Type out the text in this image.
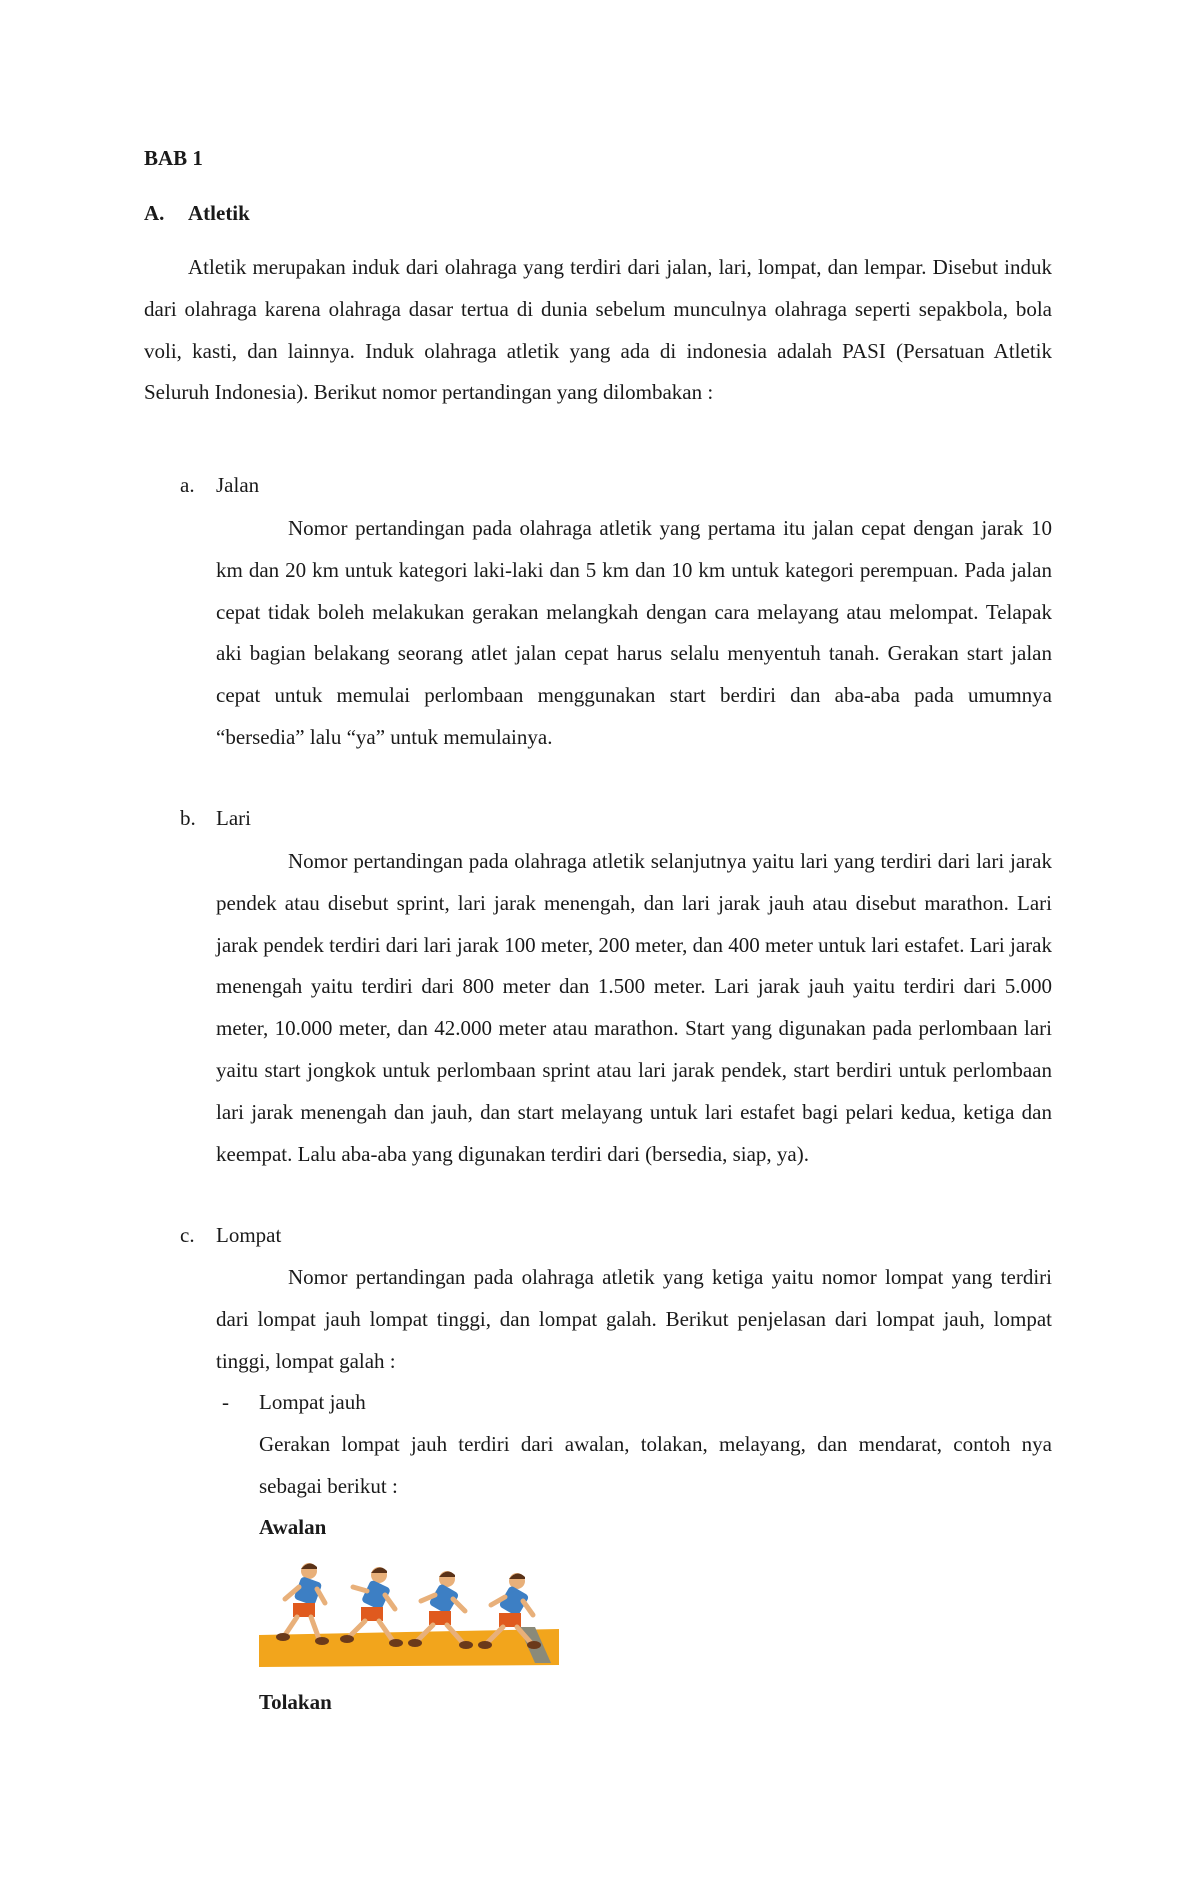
BAB 1
A. Atletik
Atletik merupakan induk dari olahraga yang terdiri dari jalan, lari, lompat, dan lempar. Disebut induk dari olahraga karena olahraga dasar tertua di dunia sebelum munculnya olahraga seperti sepakbola, bola voli, kasti, dan lainnya. Induk olahraga atletik yang ada di indonesia adalah PASI (Persatuan Atletik Seluruh Indonesia). Berikut nomor pertandingan yang dilombakan :
a. Jalan
Nomor pertandingan pada olahraga atletik yang pertama itu jalan cepat dengan jarak 10 km dan 20 km untuk kategori laki-laki dan 5 km dan 10 km untuk kategori perempuan. Pada jalan cepat tidak boleh melakukan gerakan melangkah dengan cara melayang atau melompat. Telapak aki bagian belakang seorang atlet jalan cepat harus selalu menyentuh tanah. Gerakan start jalan cepat untuk memulai perlombaan menggunakan start berdiri dan aba-aba pada umumnya “bersedia” lalu “ya” untuk memulainya.
b. Lari
Nomor pertandingan pada olahraga atletik selanjutnya yaitu lari yang terdiri dari lari jarak pendek atau disebut sprint, lari jarak menengah, dan lari jarak jauh atau disebut marathon. Lari jarak pendek terdiri dari lari jarak 100 meter, 200 meter, dan 400 meter untuk lari estafet. Lari jarak menengah yaitu terdiri dari 800 meter dan 1.500 meter. Lari jarak jauh yaitu terdiri dari 5.000 meter, 10.000 meter, dan 42.000 meter atau marathon. Start yang digunakan pada perlombaan lari yaitu start jongkok untuk perlombaan sprint atau lari jarak pendek, start berdiri untuk perlombaan lari jarak menengah dan jauh, dan start melayang untuk lari estafet bagi pelari kedua, ketiga dan keempat. Lalu aba-aba yang digunakan terdiri dari (bersedia, siap, ya).
c. Lompat
Nomor pertandingan pada olahraga atletik yang ketiga yaitu nomor lompat yang terdiri dari lompat jauh lompat tinggi, dan lompat galah. Berikut penjelasan dari lompat jauh, lompat tinggi, lompat galah :
- Lompat jauh
Gerakan lompat jauh terdiri dari awalan, tolakan, melayang, dan mendarat, contoh nya sebagai berikut :
Awalan
Tolakan
